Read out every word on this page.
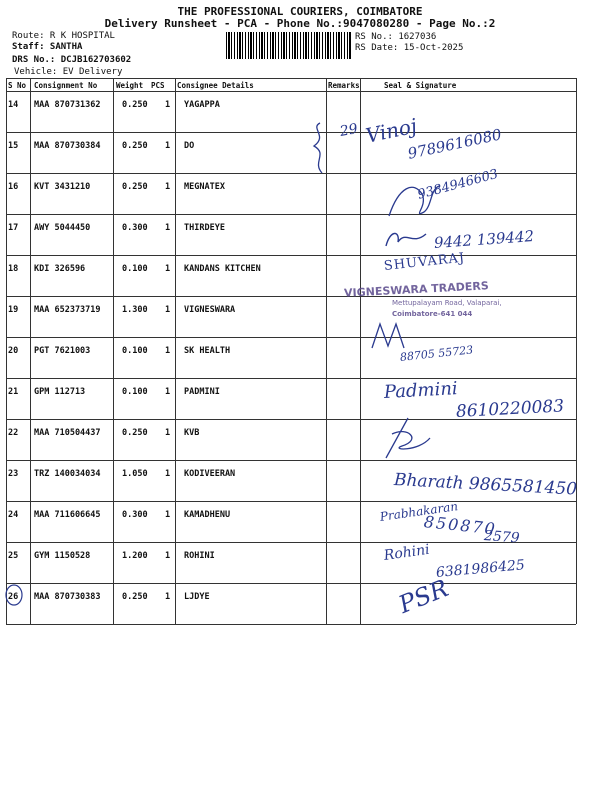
THE PROFESSIONAL COURIERS, COIMBATORE
Delivery Runsheet - PCA - Phone No.:9047080280 - Page No.:2
Route: R K HOSPITAL
Staff: SANTHA
DRS No.: DCJB162703602
Vehicle: EV Delivery
RS No.: 1627036
RS Date: 15-Oct-2025
S No Consignment No	Weight PCS Consignee Details	Remarks	Seal & Signature
14 MAA 870731362	0.250 1 YAGAPPA
15 MAA 870730384	0.250 1 DO
16 KVT 3431210	0.250 1 MEGNATEX
17 AWY 5044450	0.300 1 THIRDEYE
18 KDI 326596	0.100 1 KANDANS KITCHEN
19 MAA 652373719	1.300 1 VIGNESWARA
20 PGT 7621003	0.100 1 SK HEALTH
21 GPM 112713	0.100 1 PADMINI
22 MAA 710504437	0.250 1 KVB
23 TRZ 140034034	1.050 1 KODIVEERAN
24 MAA 711606645	0.300 1 KAMADHENU
25 GYM 1150528	1.200 1 ROHINI
26 MAA 870730383	0.250 1 LJDYE
29 Vinoj
9789616080
9384946603
9442 139442
SHUVARAJ
VIGNESWARA TRADERS
Mettupalayam Road, Valaparai,
Coimbatore-641 044
88705 55723
Padmini
8610220083
Bharath 9865581450
Prabhakaran
850870
2579
Rohini
6381986425
PSR
